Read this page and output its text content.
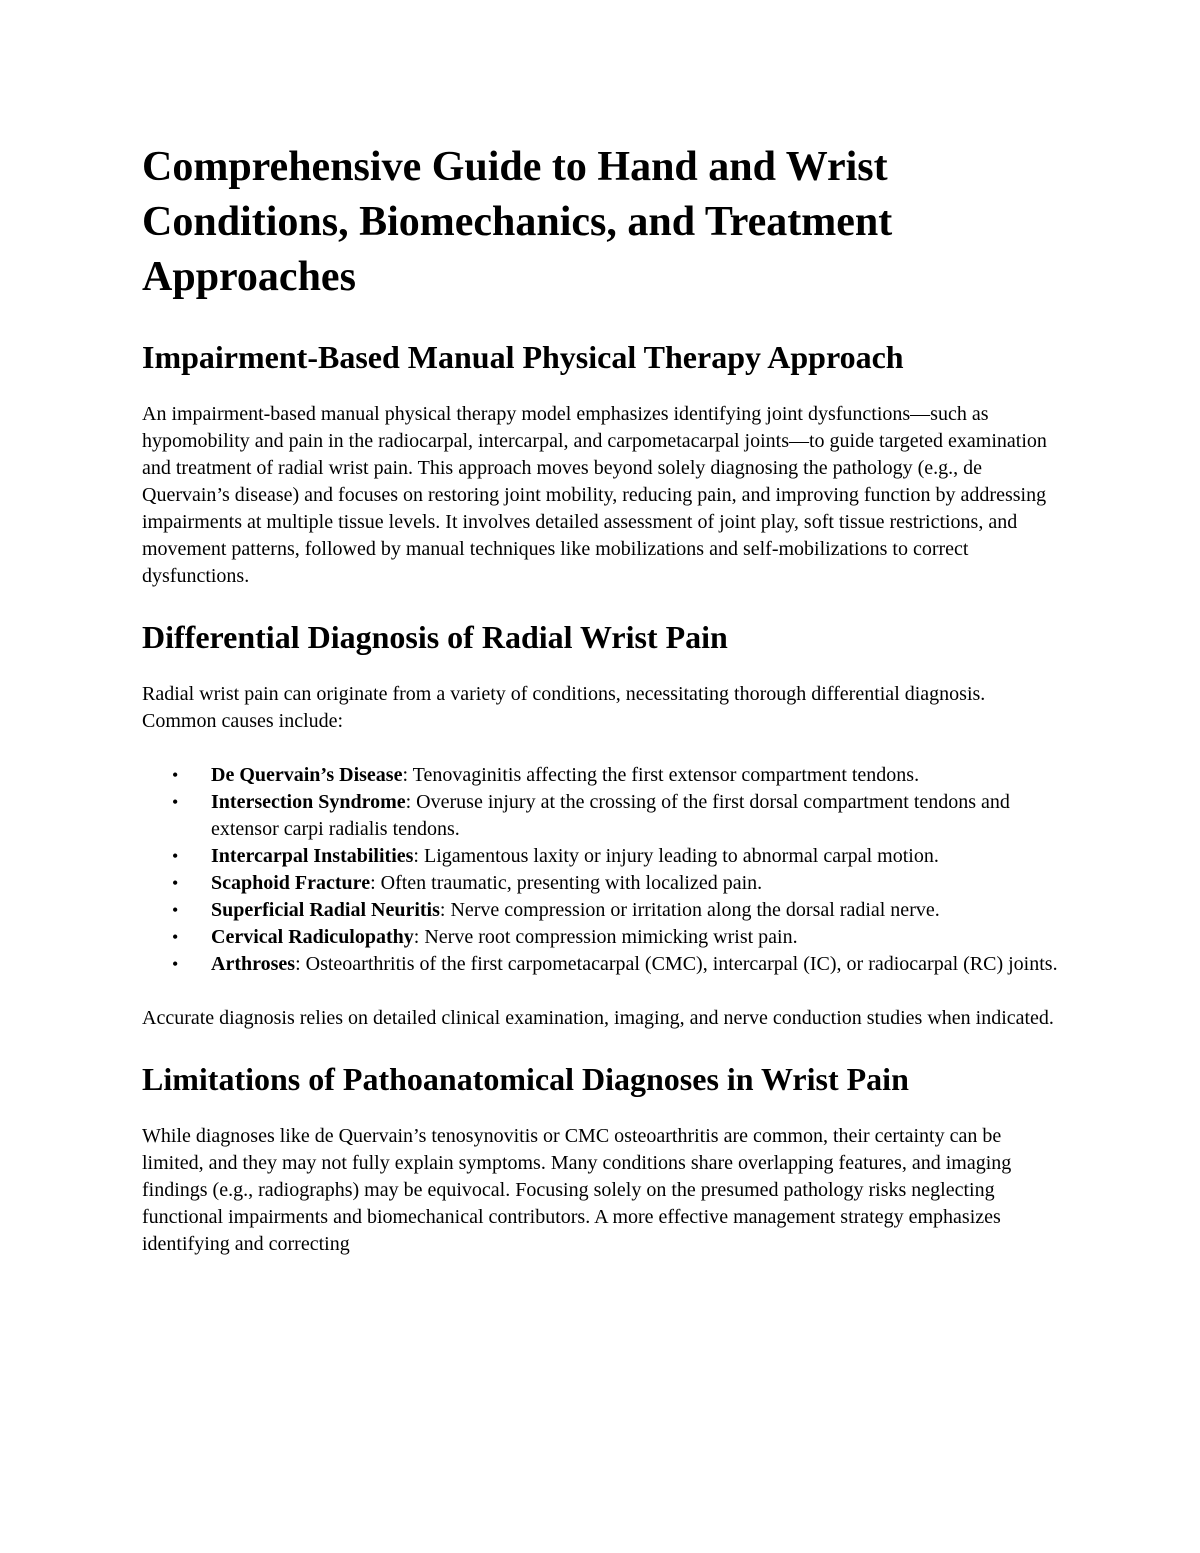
Comprehensive Guide to Hand and Wrist Conditions, Biomechanics, and Treatment Approaches
Impairment-Based Manual Physical Therapy Approach

An impairment-based manual physical therapy model emphasizes identifying joint dysfunctions—such as hypomobility and pain in the radiocarpal, intercarpal, and carpometacarpal joints—to guide targeted examination and treatment of radial wrist pain. This approach moves beyond solely diagnosing the pathology (e.g., de Quervain’s disease) and focuses on restoring joint mobility, reducing pain, and improving function by addressing impairments at multiple tissue levels. It involves detailed assessment of joint play, soft tissue restrictions, and movement patterns, followed by manual techniques like mobilizations and self-mobilizations to correct dysfunctions.

Differential Diagnosis of Radial Wrist Pain

Radial wrist pain can originate from a variety of conditions, necessitating thorough differential diagnosis. Common causes include:

• De Quervain’s Disease: Tenovaginitis affecting the first extensor compartment tendons.
• Intersection Syndrome: Overuse injury at the crossing of the first dorsal compartment tendons and extensor carpi radialis tendons.
• Intercarpal Instabilities: Ligamentous laxity or injury leading to abnormal carpal motion.
• Scaphoid Fracture: Often traumatic, presenting with localized pain.
• Superficial Radial Neuritis: Nerve compression or irritation along the dorsal radial nerve.
• Cervical Radiculopathy: Nerve root compression mimicking wrist pain.
• Arthroses: Osteoarthritis of the first carpometacarpal (CMC), intercarpal (IC), or radiocarpal (RC) joints.

Accurate diagnosis relies on detailed clinical examination, imaging, and nerve conduction studies when indicated.

Limitations of Pathoanatomical Diagnoses in Wrist Pain

While diagnoses like de Quervain’s tenosynovitis or CMC osteoarthritis are common, their certainty can be limited, and they may not fully explain symptoms. Many conditions share overlapping features, and imaging findings (e.g., radiographs) may be equivocal. Focusing solely on the presumed pathology risks neglecting functional impairments and biomechanical contributors. A more effective management strategy emphasizes identifying and correcting
